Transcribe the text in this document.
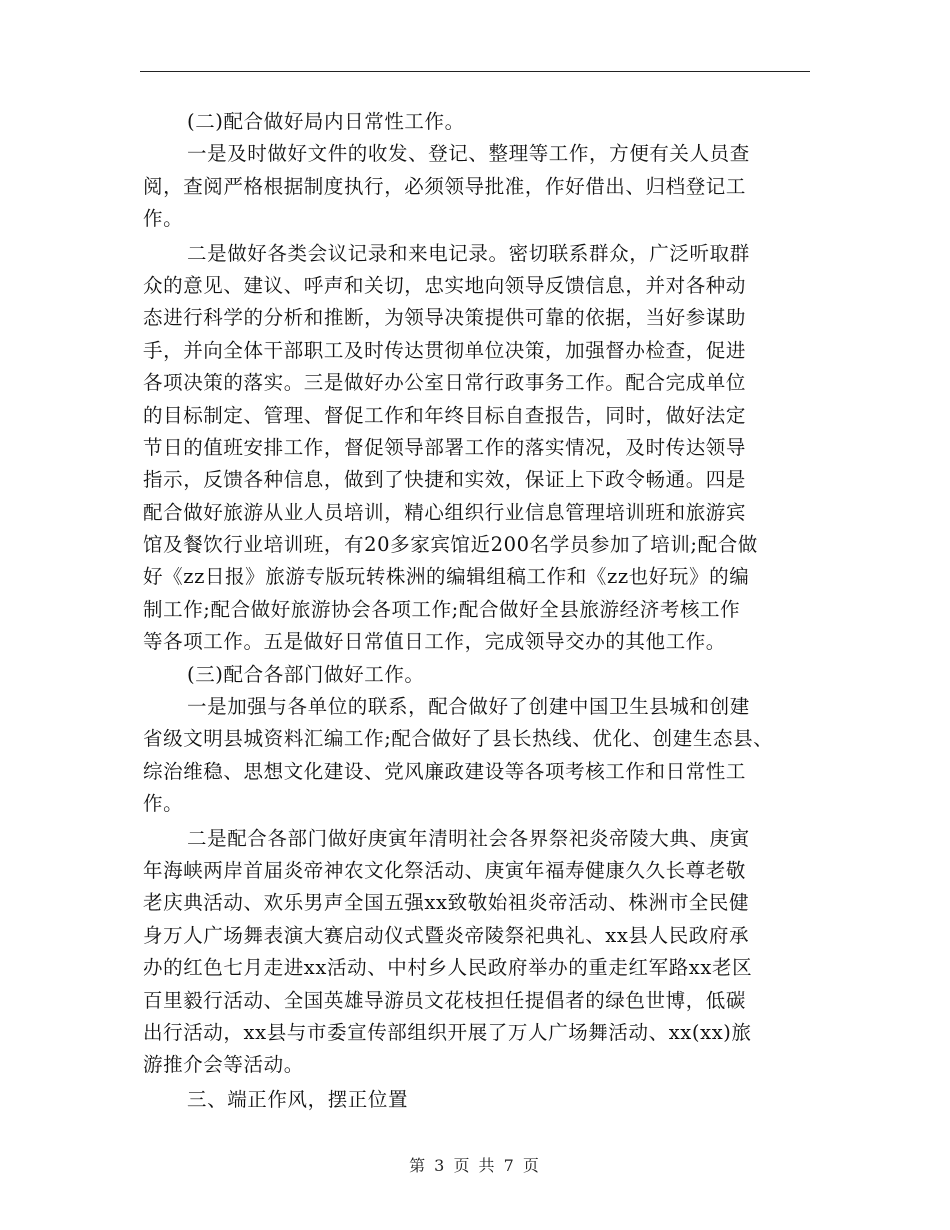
(二)配合做好局内日常性工作。
一是及时做好文件的收发、登记、整理等工作，方便有关人员查
阅，查阅严格根据制度执行，必须领导批准，作好借出、归档登记工
作。
二是做好各类会议记录和来电记录。密切联系群众，广泛听取群
众的意见、建议、呼声和关切，忠实地向领导反馈信息，并对各种动
态进行科学的分析和推断，为领导决策提供可靠的依据，当好参谋助
手，并向全体干部职工及时传达贯彻单位决策，加强督办检查，促进
各项决策的落实。三是做好办公室日常行政事务工作。配合完成单位
的目标制定、管理、督促工作和年终目标自查报告，同时，做好法定
节日的值班安排工作，督促领导部署工作的落实情况，及时传达领导
指示，反馈各种信息，做到了快捷和实效，保证上下政令畅通。四是
配合做好旅游从业人员培训，精心组织行业信息管理培训班和旅游宾
馆及餐饮行业培训班，有20多家宾馆近200名学员参加了培训;配合做
好《zz日报》旅游专版玩转株洲的编辑组稿工作和《zz也好玩》的编
制工作;配合做好旅游协会各项工作;配合做好全县旅游经济考核工作
等各项工作。五是做好日常值日工作，完成领导交办的其他工作。
(三)配合各部门做好工作。
一是加强与各单位的联系，配合做好了创建中国卫生县城和创建
省级文明县城资料汇编工作;配合做好了县长热线、优化、创建生态县、
综治维稳、思想文化建设、党风廉政建设等各项考核工作和日常性工
作。
二是配合各部门做好庚寅年清明社会各界祭祀炎帝陵大典、庚寅
年海峡两岸首届炎帝神农文化祭活动、庚寅年福寿健康久久长尊老敬
老庆典活动、欢乐男声全国五强xx致敬始祖炎帝活动、株洲市全民健
身万人广场舞表演大赛启动仪式暨炎帝陵祭祀典礼、xx县人民政府承
办的红色七月走进xx活动、中村乡人民政府举办的重走红军路xx老区
百里毅行活动、全国英雄导游员文花枝担任提倡者的绿色世博，低碳
出行活动，xx县与市委宣传部组织开展了万人广场舞活动、xx(xx)旅
游推介会等活动。
三、端正作风，摆正位置
第 3 页 共 7 页
